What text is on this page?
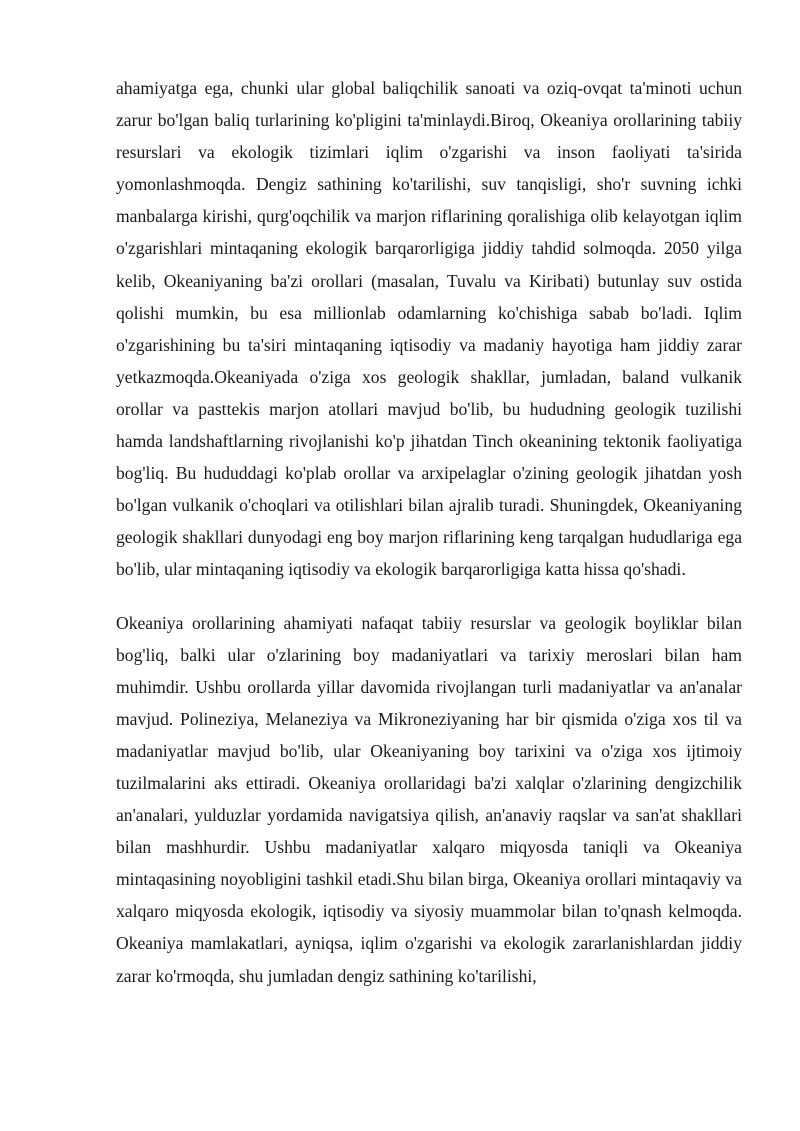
ahamiyatga ega, chunki ular global baliqchilik sanoati va oziq-ovqat ta'minoti uchun zarur bo'lgan baliq turlarining ko'pligini ta'minlaydi.Biroq, Okeaniya orollarining tabiiy resurslari va ekologik tizimlari iqlim o'zgarishi va inson faoliyati ta'sirida yomonlashmoqda. Dengiz sathining ko'tarilishi, suv tanqisligi, sho'r suvning ichki manbalarga kirishi, qurg'oqchilik va marjon riflarining qoralishiga olib kelayotgan iqlim o'zgarishlari mintaqaning ekologik barqarorligiga jiddiy tahdid solmoqda. 2050 yilga kelib, Okeaniyaning ba'zi orollari (masalan, Tuvalu va Kiribati) butunlay suv ostida qolishi mumkin, bu esa millionlab odamlarning ko'chishiga sabab bo'ladi. Iqlim o'zgarishining bu ta'siri mintaqaning iqtisodiy va madaniy hayotiga ham jiddiy zarar yetkazmoqda.Okeaniyada o'ziga xos geologik shakllar, jumladan, baland vulkanik orollar va pasttekis marjon atollari mavjud bo'lib, bu hududning geologik tuzilishi hamda landshaftlarning rivojlanishi ko'p jihatdan Tinch okeanining tektonik faoliyatiga bog'liq. Bu hududdagi ko'plab orollar va arxipelaglar o'zining geologik jihatdan yosh bo'lgan vulkanik o'choqlari va otilishlari bilan ajralib turadi. Shuningdek, Okeaniyaning geologik shakllari dunyodagi eng boy marjon riflarining keng tarqalgan hududlariga ega bo'lib, ular mintaqaning iqtisodiy va ekologik barqarorligiga katta hissa qo'shadi.

Okeaniya orollarining ahamiyati nafaqat tabiiy resurslar va geologik boyliklar bilan bog'liq, balki ular o'zlarining boy madaniyatlari va tarixiy meroslari bilan ham muhimdir. Ushbu orollarda yillar davomida rivojlangan turli madaniyatlar va an'analar mavjud. Polineziya, Melaneziya va Mikroneziyaning har bir qismida o'ziga xos til va madaniyatlar mavjud bo'lib, ular Okeaniyaning boy tarixini va o'ziga xos ijtimoiy tuzilmalarini aks ettiradi. Okeaniya orollaridagi ba'zi xalqlar o'zlarining dengizchilik an'analari, yulduzlar yordamida navigatsiya qilish, an'anaviy raqslar va san'at shakllari bilan mashhurdir. Ushbu madaniyatlar xalqaro miqyosda taniqli va Okeaniya mintaqasining noyobligini tashkil etadi.Shu bilan birga, Okeaniya orollari mintaqaviy va xalqaro miqyosda ekologik, iqtisodiy va siyosiy muammolar bilan to'qnash kelmoqda. Okeaniya mamlakatlari, ayniqsa, iqlim o'zgarishi va ekologik zararlanishlardan jiddiy zarar ko'rmoqda, shu jumladan dengiz sathining ko'tarilishi,
